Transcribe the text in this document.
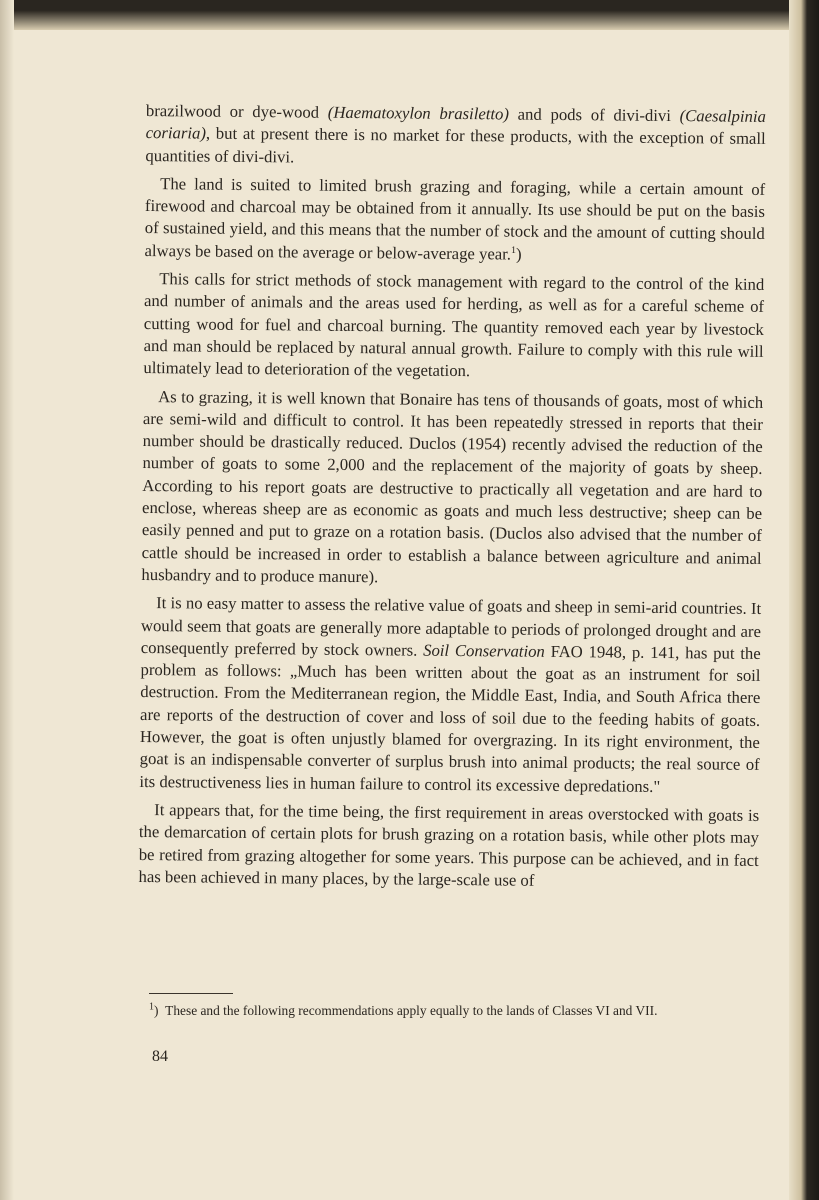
brazilwood or dye-wood (Haematoxylon brasiletto) and pods of divi-divi (Caesalpinia coriaria), but at present there is no market for these products, with the exception of small quantities of divi-divi.

The land is suited to limited brush grazing and foraging, while a certain amount of firewood and charcoal may be obtained from it annually. Its use should be put on the basis of sustained yield, and this means that the number of stock and the amount of cutting should always be based on the average or below-average year.$^1$)

This calls for strict methods of stock management with regard to the control of the kind and number of animals and the areas used for herding, as well as for a careful scheme of cutting wood for fuel and charcoal burning. The quantity removed each year by livestock and man should be replaced by natural annual growth. Failure to comply with this rule will ultimately lead to deterioration of the vegetation.

As to grazing, it is well known that Bonaire has tens of thousands of goats, most of which are semi-wild and difficult to control. It has been repeatedly stressed in reports that their number should be drastically reduced. Duclos (1954) recently advised the reduction of the number of goats to some 2,000 and the replacement of the majority of goats by sheep. According to his report goats are destructive to practically all vegetation and are hard to enclose, whereas sheep are as economic as goats and much less destructive; sheep can be easily penned and put to graze on a rotation basis. (Duclos also advised that the number of cattle should be increased in order to establish a balance between agriculture and animal husbandry and to produce manure).

It is no easy matter to assess the relative value of goats and sheep in semi-arid countries. It would seem that goats are generally more adaptable to periods of prolonged drought and are consequently preferred by stock owners. Soil Conservation FAO 1948, p. 141, has put the problem as follows: „Much has been written about the goat as an instrument for soil destruction. From the Mediterranean region, the Middle East, India, and South Africa there are reports of the destruction of cover and loss of soil due to the feeding habits of goats. However, the goat is often unjustly blamed for overgrazing. In its right environment, the goat is an indispensable converter of surplus brush into animal products; the real source of its destructiveness lies in human failure to control its excessive depredations."

It appears that, for the time being, the first requirement in areas overstocked with goats is the demarcation of certain plots for brush grazing on a rotation basis, while other plots may be retired from grazing altogether for some years. This purpose can be achieved, and in fact has been achieved in many places, by the large-scale use of

$^1$) These and the following recommendations apply equally to the lands of Classes VI and VII.
84
